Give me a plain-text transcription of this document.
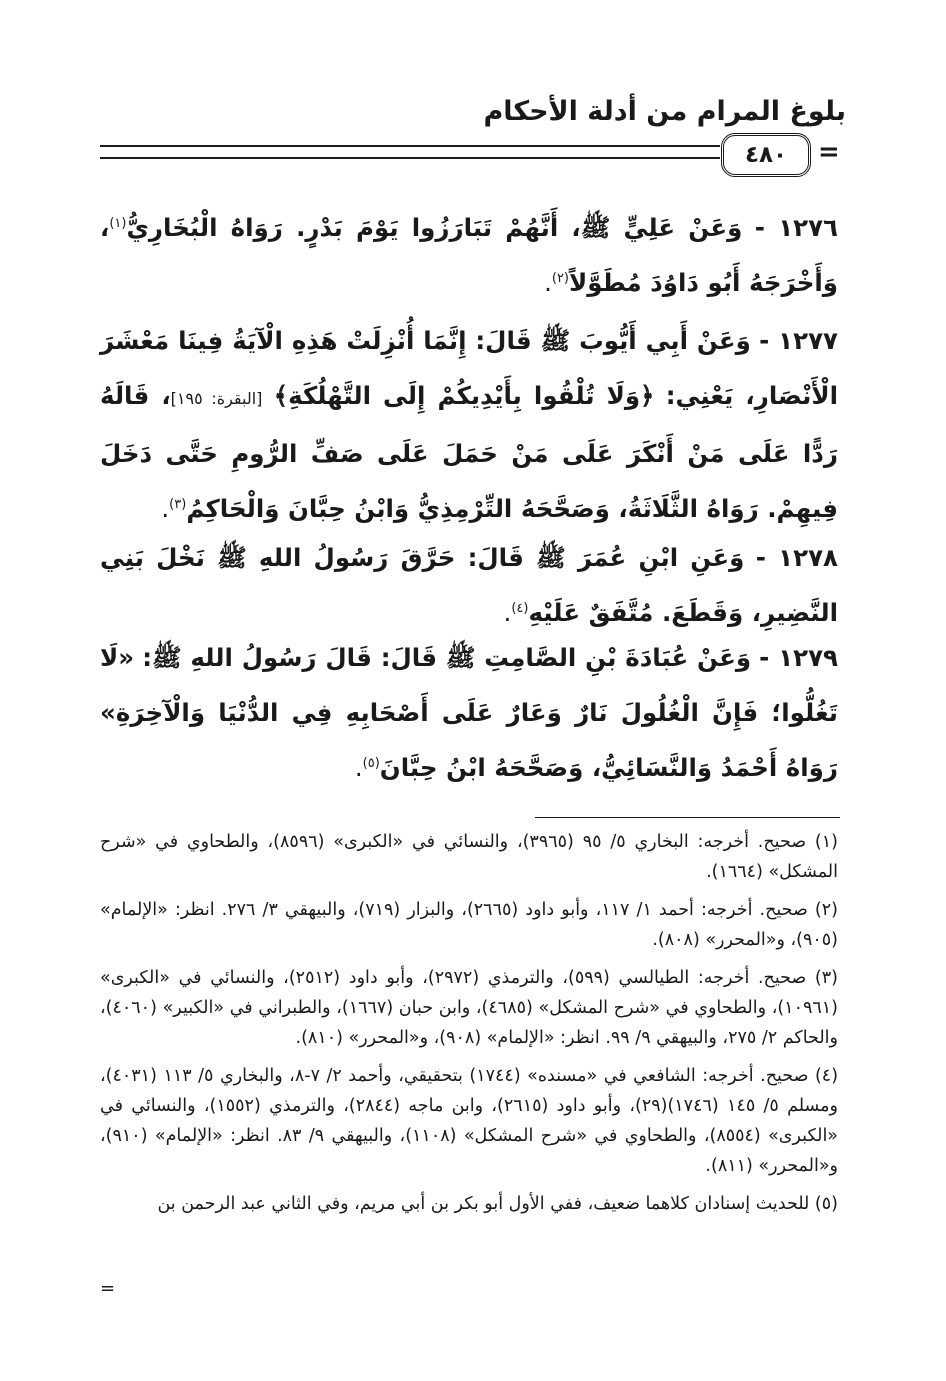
بلوغ المرام من أدلة الأحكام
٤٨٠ =
١٢٧٦ - وَعَنْ عَلِيٍّ ﷺ، أَنَّهُمْ تَبَارَزُوا يَوْمَ بَدْرٍ. رَوَاهُ الْبُخَارِيُّ$^{(١)}$، وَأَخْرَجَهُ أَبُو دَاوُدَ مُطَوَّلاً$^{(٢)}$.
١٢٧٧ - وَعَنْ أَبِي أَيُّوبَ ﷺ قَالَ: إِنَّمَا أُنْزِلَتْ هَذِهِ الْآيَةُ فِينَا مَعْشَرَ الْأَنْصَارِ، يَعْنِي: ﴿وَلَا تُلْقُوا بِأَيْدِيكُمْ إِلَى التَّهْلُكَةِ﴾ [البقرة: ١٩٥]، قَالَهُ رَدًّا عَلَى مَنْ أَنْكَرَ عَلَى مَنْ حَمَلَ عَلَى صَفِّ الرُّومِ حَتَّى دَخَلَ فِيهِمْ. رَوَاهُ الثَّلَاثَةُ، وَصَحَّحَهُ التِّرْمِذِيُّ وَابْنُ حِبَّانَ وَالْحَاكِمُ$^{(٣)}$.
١٢٧٨ - وَعَنِ ابْنِ عُمَرَ ﷺ قَالَ: حَرَّقَ رَسُولُ اللهِ ﷺ نَخْلَ بَنِي النَّضِيرِ، وَقَطَعَ. مُتَّفَقٌ عَلَيْهِ$^{(٤)}$.
١٢٧٩ - وَعَنْ عُبَادَةَ بْنِ الصَّامِتِ ﷺ قَالَ: قَالَ رَسُولُ اللهِ ﷺ: «لَا تَغُلُّوا؛ فَإِنَّ الْغُلُولَ نَارٌ وَعَارٌ عَلَى أَصْحَابِهِ فِي الدُّنْيَا وَالْآخِرَةِ» رَوَاهُ أَحْمَدُ وَالنَّسَائِيُّ، وَصَحَّحَهُ ابْنُ حِبَّانَ$^{(٥)}$.
(١) صحيح. أخرجه: البخاري ٥/ ٩٥ (٣٩٦٥)، والنسائي في «الكبرى» (٨٥٩٦)، والطحاوي في «شرح المشكل» (١٦٦٤).
(٢) صحيح. أخرجه: أحمد ١/ ١١٧، وأبو داود (٢٦٦٥)، والبزار (٧١٩)، والبيهقي ٣/ ٢٧٦. انظر: «الإلمام» (٩٠٥)، و«المحرر» (٨٠٨).
(٣) صحيح. أخرجه: الطيالسي (٥٩٩)، والترمذي (٢٩٧٢)، وأبو داود (٢٥١٢)، والنسائي في «الكبرى» (١٠٩٦١)، والطحاوي في «شرح المشكل» (٤٦٨٥)، وابن حبان (١٦٦٧)، والطبراني في «الكبير» (٤٠٦٠)، والحاكم ٢/ ٢٧٥، والبيهقي ٩/ ٩٩. انظر: «الإلمام» (٩٠٨)، و«المحرر» (٨١٠).
(٤) صحيح. أخرجه: الشافعي في «مسنده» (١٧٤٤) بتحقيقي، وأحمد ٢/ ٧-٨، والبخاري ٥/ ١١٣ (٤٠٣١)، ومسلم ٥/ ١٤٥ (١٧٤٦)(٢٩)، وأبو داود (٢٦١٥)، وابن ماجه (٢٨٤٤)، والترمذي (١٥٥٢)، والنسائي في «الكبرى» (٨٥٥٤)، والطحاوي في «شرح المشكل» (١١٠٨)، والبيهقي ٩/ ٨٣. انظر: «الإلمام» (٩١٠)، و«المحرر» (٨١١).
(٥) للحديث إسنادان كلاهما ضعيف، ففي الأول أبو بكر بن أبي مريم، وفي الثاني عبد الرحمن بن
=
